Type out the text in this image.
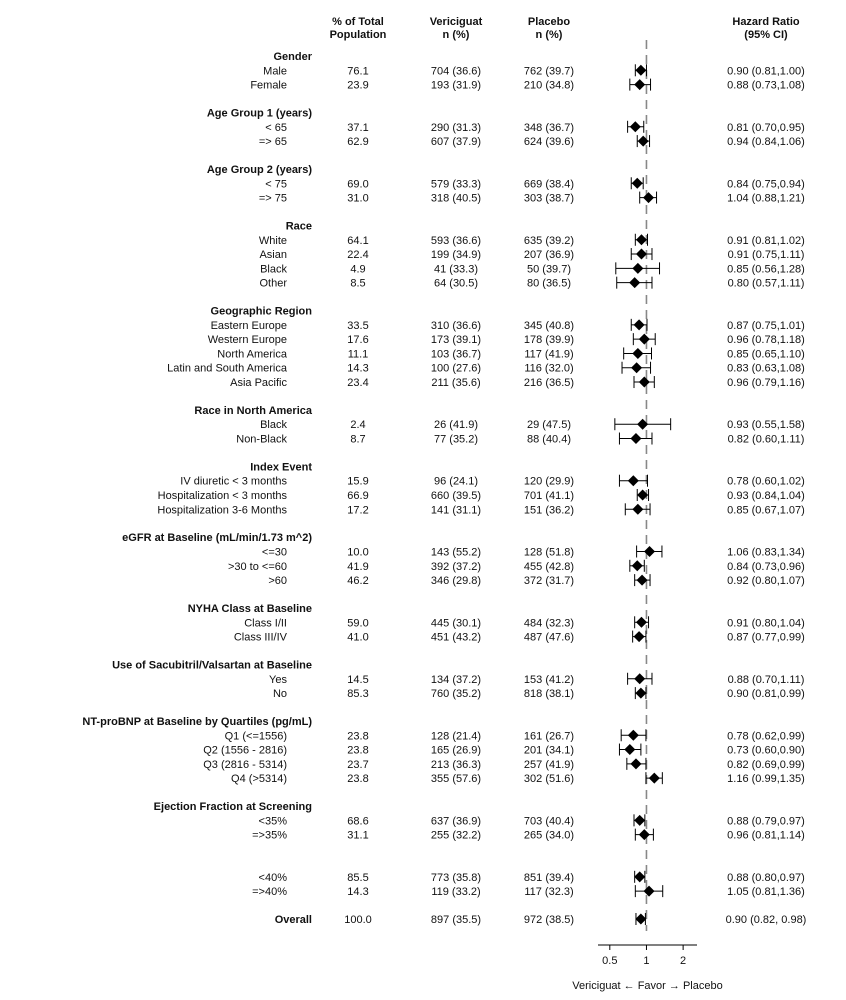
% of Total
Population
Vericiguat
n (%)
Placebo
n (%)
Hazard Ratio
(95% CI)
Gender
Male	76.1	704 (36.6)	762 (39.7)	0.90 (0.81,1.00)
Female	23.9	193 (31.9)	210 (34.8)	0.88 (0.73,1.08)
Age Group 1 (years)
< 65	37.1	290 (31.3)	348 (36.7)	0.81 (0.70,0.95)
=> 65	62.9	607 (37.9)	624 (39.6)	0.94 (0.84,1.06)
Age Group 2 (years)
< 75	69.0	579 (33.3)	669 (38.4)	0.84 (0.75,0.94)
=> 75	31.0	318 (40.5)	303 (38.7)	1.04 (0.88,1.21)
Race
White	64.1	593 (36.6)	635 (39.2)	0.91 (0.81,1.02)
Asian	22.4	199 (34.9)	207 (36.9)	0.91 (0.75,1.11)
Black	4.9	41 (33.3)	50 (39.7)	0.85 (0.56,1.28)
Other	8.5	64 (30.5)	80 (36.5)	0.80 (0.57,1.11)
Geographic Region
Eastern Europe	33.5	310 (36.6)	345 (40.8)	0.87 (0.75,1.01)
Western Europe	17.6	173 (39.1)	178 (39.9)	0.96 (0.78,1.18)
North America	11.1	103 (36.7)	117 (41.9)	0.85 (0.65,1.10)
Latin and South America	14.3	100 (27.6)	116 (32.0)	0.83 (0.63,1.08)
Asia Pacific	23.4	211 (35.6)	216 (36.5)	0.96 (0.79,1.16)
Race in North America
Black	2.4	26 (41.9)	29 (47.5)	0.93 (0.55,1.58)
Non-Black	8.7	77 (35.2)	88 (40.4)	0.82 (0.60,1.11)
Index Event
IV diuretic < 3 months	15.9	96 (24.1)	120 (29.9)	0.78 (0.60,1.02)
Hospitalization < 3 months	66.9	660 (39.5)	701 (41.1)	0.93 (0.84,1.04)
Hospitalization 3-6 Months	17.2	141 (31.1)	151 (36.2)	0.85 (0.67,1.07)
eGFR at Baseline (mL/min/1.73 m^2)
<=30	10.0	143 (55.2)	128 (51.8)	1.06 (0.83,1.34)
>30 to <=60	41.9	392 (37.2)	455 (42.8)	0.84 (0.73,0.96)
>60	46.2	346 (29.8)	372 (31.7)	0.92 (0.80,1.07)
NYHA Class at Baseline
Class I/II	59.0	445 (30.1)	484 (32.3)	0.91 (0.80,1.04)
Class III/IV	41.0	451 (43.2)	487 (47.6)	0.87 (0.77,0.99)
Use of Sacubitril/Valsartan at Baseline
Yes	14.5	134 (37.2)	153 (41.2)	0.88 (0.70,1.11)
No	85.3	760 (35.2)	818 (38.1)	0.90 (0.81,0.99)
NT-proBNP at Baseline by Quartiles (pg/mL)
Q1 (<=1556)	23.8	128 (21.4)	161 (26.7)	0.78 (0.62,0.99)
Q2 (1556 - 2816)	23.8	165 (26.9)	201 (34.1)	0.73 (0.60,0.90)
Q3 (2816 - 5314)	23.7	213 (36.3)	257 (41.9)	0.82 (0.69,0.99)
Q4 (>5314)	23.8	355 (57.6)	302 (51.6)	1.16 (0.99,1.35)
Ejection Fraction at Screening
<35%	68.6	637 (36.9)	703 (40.4)	0.88 (0.79,0.97)
=>35%	31.1	255 (32.2)	265 (34.0)	0.96 (0.81,1.14)
<40%	85.5	773 (35.8)	851 (39.4)	0.88 (0.80,0.97)
=>40%	14.3	119 (33.2)	117 (32.3)	1.05 (0.81,1.36)
Overall	100.0	897 (35.5)	972 (38.5)	0.90 (0.82, 0.98)
0.5 1	2
Vericiguat ← Favor → Placebo
